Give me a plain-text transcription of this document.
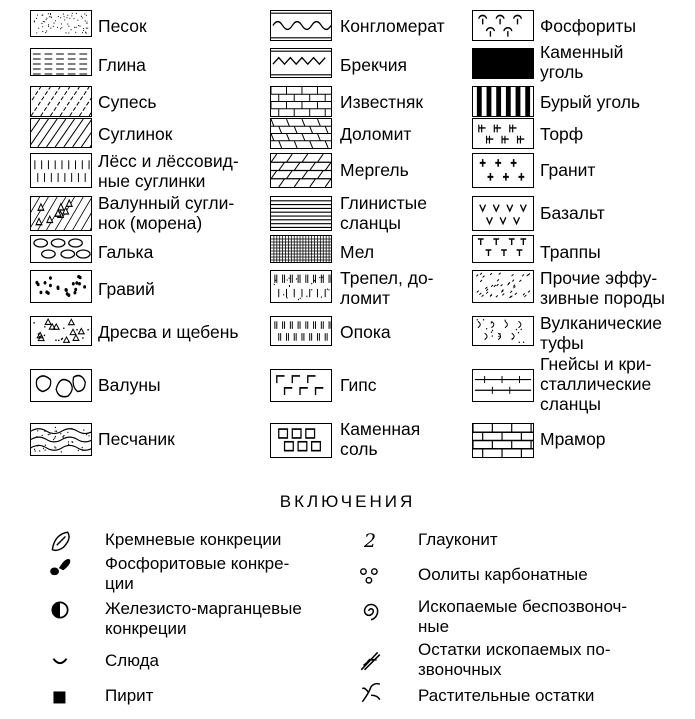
Песок
Глина
Супесь
Суглинок
Лёсс и лёссовид-
ные суглинки
Валунный сугли-
нок (морена)
Галька
Гравий
Дресва и щебень
Валуны
Песчаник
Конгломерат
Брекчия
Известняк
Доломит
Мергель
Глинистые
сланцы
Мел
Трепел, до-
ломит
Опока
Гипс
Каменная
соль
Фосфориты
Каменный
уголь
Бурый уголь
Торф
Гранит
Базальт
Траппы
Прочие эффу-
зивные породы
Вулканические
туфы
Гнейсы и кри-
сталлические
сланцы
Мрамор
ВКЛЮЧЕНИЯ
Кремневые конкреции
Фосфоритовые конкре-
ции
Железисто-марганцевые
конкреции
Слюда
Пирит
2	Глауконит
Оолиты карбонатные
Ископаемые беспозвоноч-
ные
Остатки ископаемых по-
звоночных
Растительные остатки
